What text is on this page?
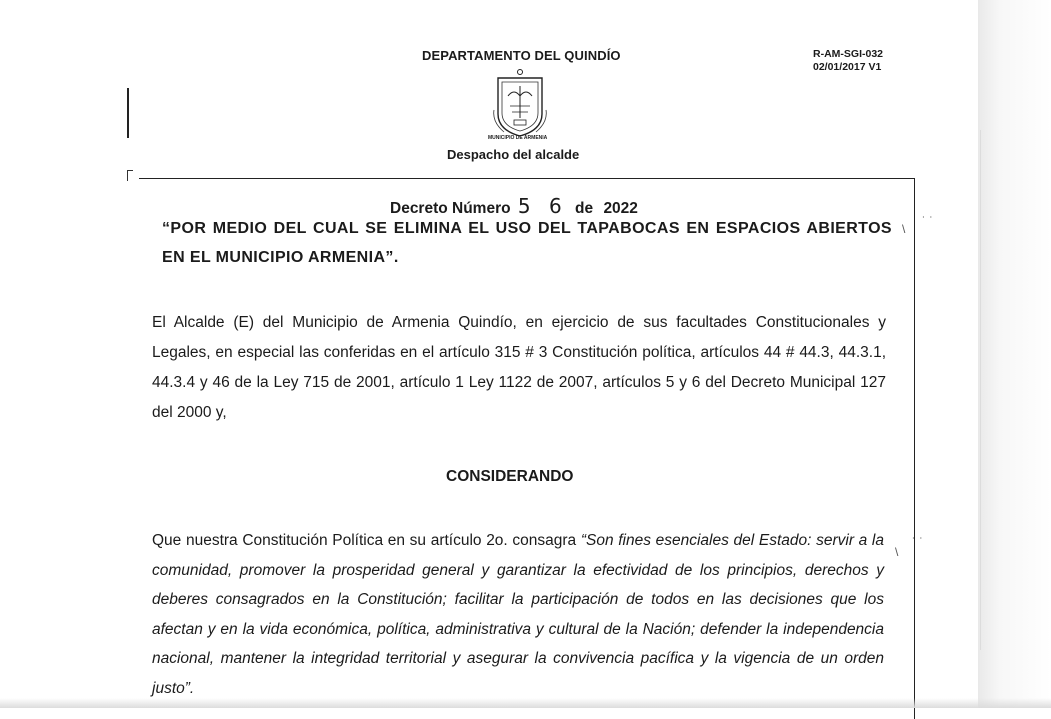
DEPARTAMENTO DEL QUINDÍO	R-AM-SGI-032
02/01/2017 V1
MUNICIPIO DE ARMENIA
Despacho del alcalde
Decreto Número 5 6 de 2022
“POR MEDIO DEL CUAL SE ELIMINA EL USO DEL TAPABOCAS EN ESPACIOS ABIERTOS EN EL MUNICIPIO ARMENIA”.
El Alcalde (E) del Municipio de Armenia Quindío, en ejercicio de sus facultades Constitucionales y Legales, en especial las conferidas en el artículo 315 # 3 Constitución política, artículos 44 # 44.3, 44.3.1, 44.3.4 y 46 de la Ley 715 de 2001, artículo 1 Ley 1122 de 2007, artículos 5 y 6 del Decreto Municipal 127 del 2000 y,
CONSIDERANDO
Que nuestra Constitución Política en su artículo 2o. consagra “Son fines esenciales del Estado: servir a la comunidad, promover la prosperidad general y garantizar la efectividad de los principios, derechos y deberes consagrados en la Constitución; facilitar la participación de todos en las decisiones que los afectan y en la vida económica, política, administrativa y cultural de la Nación; defender la independencia nacional, mantener la integridad territorial y asegurar la convivencia pacífica y la vigencia de un orden justo”.
\
˙ ˙
\
˙ ˙
